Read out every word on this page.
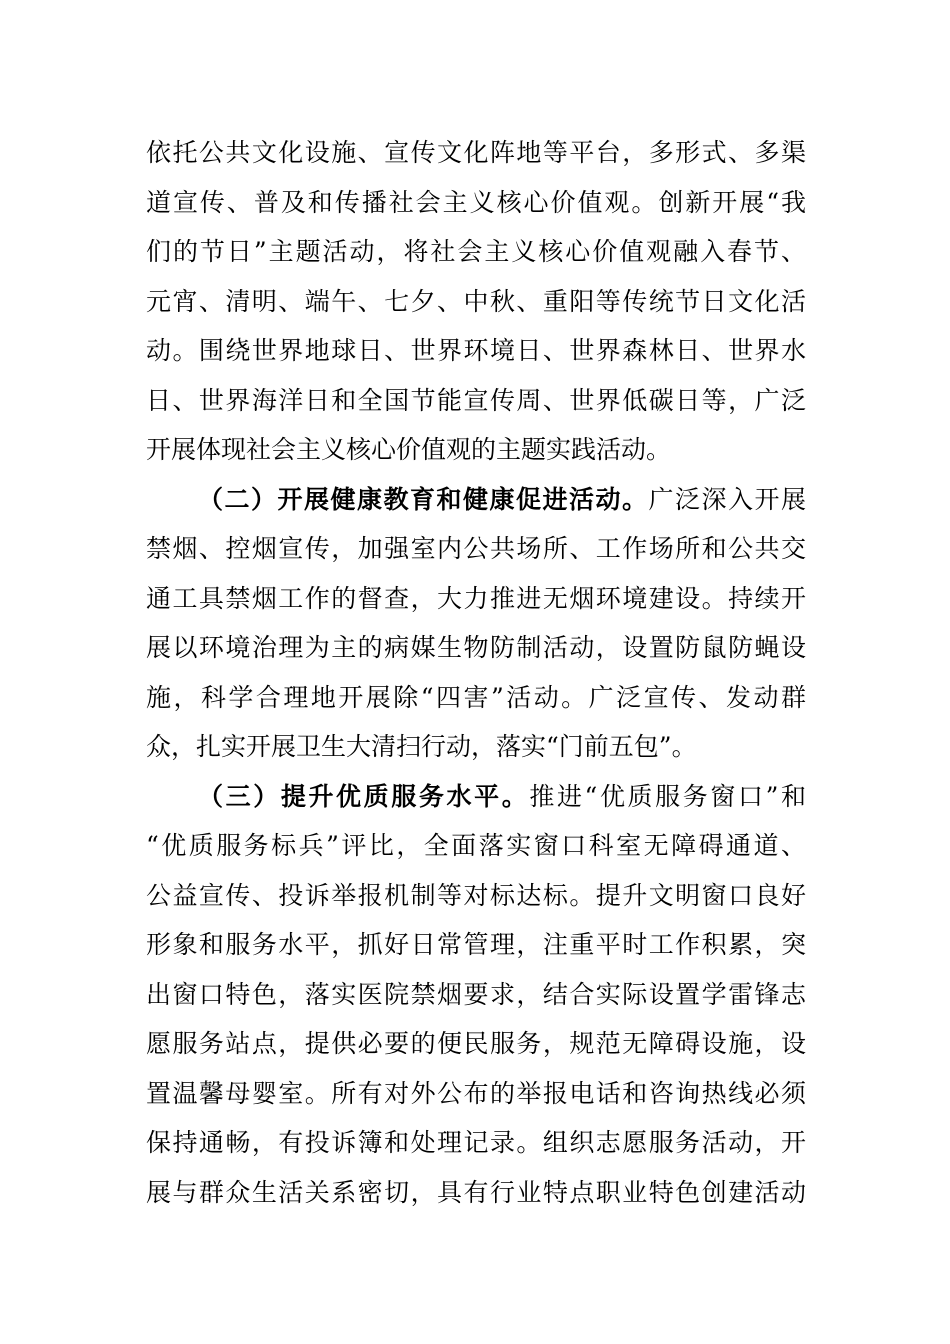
依托公共文化设施、宣传文化阵地等平台，多形式、多渠
道宣传、普及和传播社会主义核心价值观。创新开展“我
们的节日”主题活动，将社会主义核心价值观融入春节、
元宵、清明、端午、七夕、中秋、重阳等传统节日文化活
动。围绕世界地球日、世界环境日、世界森林日、世界水
日、世界海洋日和全国节能宣传周、世界低碳日等，广泛
开展体现社会主义核心价值观的主题实践活动。
（二）开展健康教育和健康促进活动。广泛深入开展
禁烟、控烟宣传，加强室内公共场所、工作场所和公共交
通工具禁烟工作的督查，大力推进无烟环境建设。持续开
展以环境治理为主的病媒生物防制活动，设置防鼠防蝇设
施，科学合理地开展除“四害”活动。广泛宣传、发动群
众，扎实开展卫生大清扫行动，落实“门前五包”。
（三）提升优质服务水平。推进“优质服务窗口”和
“优质服务标兵”评比，全面落实窗口科室无障碍通道、
公益宣传、投诉举报机制等对标达标。提升文明窗口良好
形象和服务水平，抓好日常管理，注重平时工作积累，突
出窗口特色，落实医院禁烟要求，结合实际设置学雷锋志
愿服务站点，提供必要的便民服务，规范无障碍设施，设
置温馨母婴室。所有对外公布的举报电话和咨询热线必须
保持通畅，有投诉簿和处理记录。组织志愿服务活动，开
展与群众生活关系密切，具有行业特点职业特色创建活动
